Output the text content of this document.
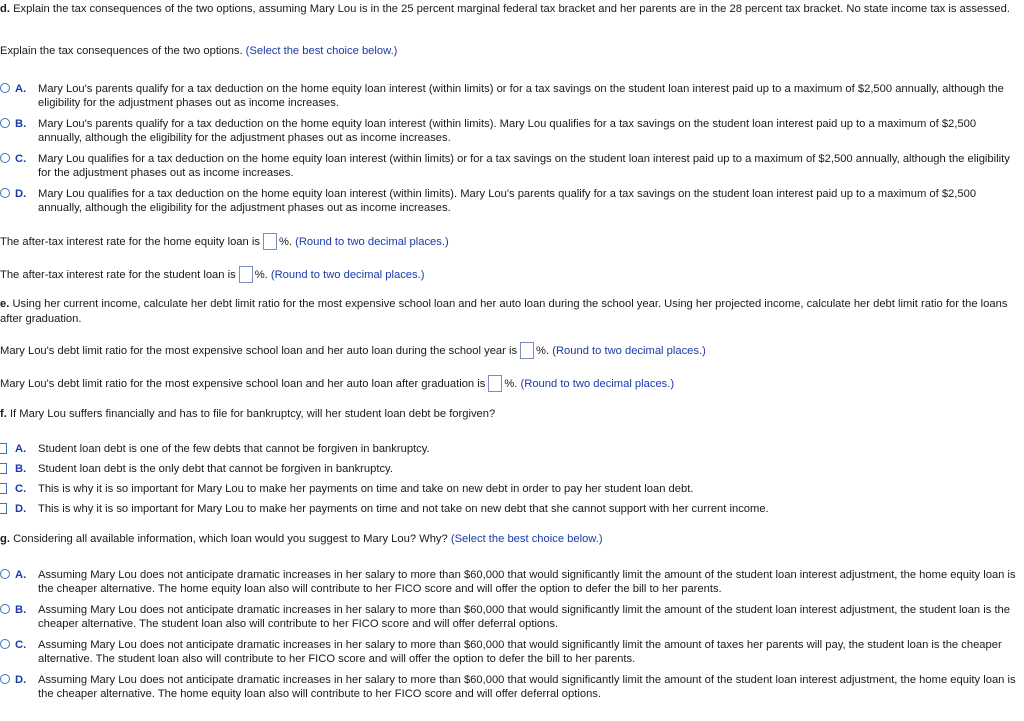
d. Explain the tax consequences of the two options, assuming Mary Lou is in the 25 percent marginal federal tax bracket and her parents are in the 28 percent tax bracket. No state income tax is assessed.
Explain the tax consequences of the two options. (Select the best choice below.)
A.	Mary Lou's parents qualify for a tax deduction on the home equity loan interest (within limits) or for a tax savings on the student loan interest paid up to a maximum of $2,500 annually, although the eligibility for the adjustment phases out as income increases.
B.	Mary Lou's parents qualify for a tax deduction on the home equity loan interest (within limits). Mary Lou qualifies for a tax savings on the student loan interest paid up to a maximum of $2,500 annually, although the eligibility for the adjustment phases out as income increases.
C.	Mary Lou qualifies for a tax deduction on the home equity loan interest (within limits) or for a tax savings on the student loan interest paid up to a maximum of $2,500 annually, although the eligibility for the adjustment phases out as income increases.
D.	Mary Lou qualifies for a tax deduction on the home equity loan interest (within limits). Mary Lou's parents qualify for a tax savings on the student loan interest paid up to a maximum of $2,500 annually, although the eligibility for the adjustment phases out as income increases.
The after-tax interest rate for the home equity loan is %. (Round to two decimal places.)
The after-tax interest rate for the student loan is %. (Round to two decimal places.)
e. Using her current income, calculate her debt limit ratio for the most expensive school loan and her auto loan during the school year. Using her projected income, calculate her debt limit ratio for the loans after graduation.
Mary Lou's debt limit ratio for the most expensive school loan and her auto loan during the school year is %. (Round to two decimal places.)
Mary Lou's debt limit ratio for the most expensive school loan and her auto loan after graduation is %. (Round to two decimal places.)
f. If Mary Lou suffers financially and has to file for bankruptcy, will her student loan debt be forgiven?
A.	Student loan debt is one of the few debts that cannot be forgiven in bankruptcy.
B.	Student loan debt is the only debt that cannot be forgiven in bankruptcy.
C.	This is why it is so important for Mary Lou to make her payments on time and take on new debt in order to pay her student loan debt.
D.	This is why it is so important for Mary Lou to make her payments on time and not take on new debt that she cannot support with her current income.
g. Considering all available information, which loan would you suggest to Mary Lou? Why? (Select the best choice below.)
A.	Assuming Mary Lou does not anticipate dramatic increases in her salary to more than $60,000 that would significantly limit the amount of the student loan interest adjustment, the home equity loan is the cheaper alternative. The home equity loan also will contribute to her FICO score and will offer the option to defer the bill to her parents.
B.	Assuming Mary Lou does not anticipate dramatic increases in her salary to more than $60,000 that would significantly limit the amount of the student loan interest adjustment, the student loan is the cheaper alternative. The student loan also will contribute to her FICO score and will offer deferral options.
C.	Assuming Mary Lou does not anticipate dramatic increases in her salary to more than $60,000 that would significantly limit the amount of taxes her parents will pay, the student loan is the cheaper alternative. The student loan also will contribute to her FICO score and will offer the option to defer the bill to her parents.
D.	Assuming Mary Lou does not anticipate dramatic increases in her salary to more than $60,000 that would significantly limit the amount of the student loan interest adjustment, the home equity loan is the cheaper alternative. The home equity loan also will contribute to her FICO score and will offer deferral options.
